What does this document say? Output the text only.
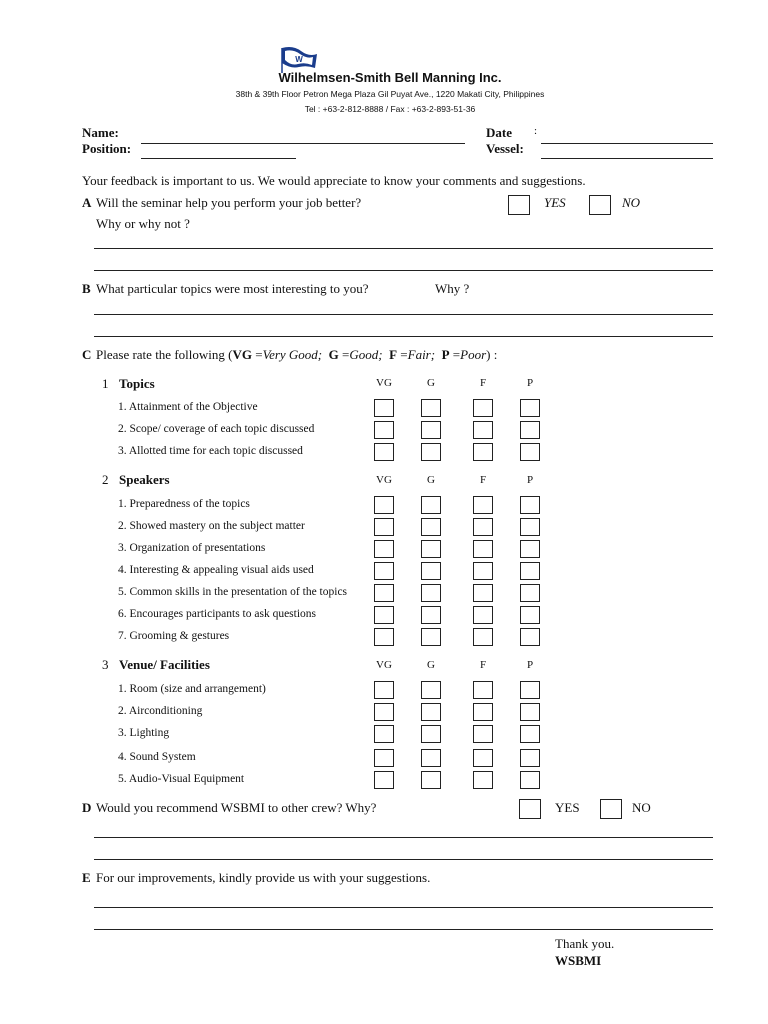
W
Wilhelmsen-Smith Bell Manning Inc.
38th & 39th Floor Petron Mega Plaza Gil Puyat Ave., 1220 Makati City, Philippines
Tel : +63-2-812-8888 / Fax : +63-2-893-51-36
Name:
Position:
Date :
Vessel:
Your feedback is important to us. We would appreciate to know your comments and suggestions.
A Will the seminar help you perform your job better?	YES	NO
Why or why not ?
B What particular topics were most interesting to you?	Why ?
C Please rate the following (VG =Very Good; G =Good; F =Fair; P =Poor) :
1 Topics	VG	G	F	P
1. Attainment of the Objective
2. Scope/ coverage of each topic discussed
3. Allotted time for each topic discussed
2 Speakers	VG	G	F	P
1. Preparedness of the topics
2. Showed mastery on the subject matter
3. Organization of presentations
4. Interesting & appealing visual aids used
5. Common skills in the presentation of the topics
6. Encourages participants to ask questions
7. Grooming & gestures
3 Venue/ Facilities	VG	G	F	P
1. Room (size and arrangement)
2. Airconditioning
3. Lighting
4. Sound System
5. Audio-Visual Equipment
D Would you recommend WSBMI to other crew? Why?	YES	NO
E For our improvements, kindly provide us with your suggestions.
Thank you.
WSBMI
